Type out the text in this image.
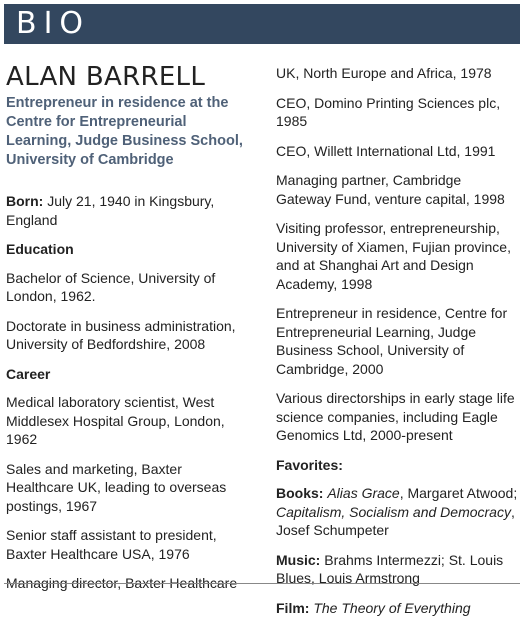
BIO
ALAN BARRELL
Entrepreneur in residence at the Centre for Entrepreneurial Learning, Judge Business School, University of Cambridge

Born: July 21, 1940 in Kingsbury, England

Education

Bachelor of Science, University of London, 1962.

Doctorate in business administration, University of Bedfordshire, 2008

Career

Medical laboratory scientist, West Middlesex Hospital Group, London, 1962

Sales and marketing, Baxter Healthcare UK, leading to overseas postings, 1967

Senior staff assistant to president, Baxter Healthcare USA, 1976

Managing director, Baxter Healthcare

UK, North Europe and Africa, 1978

CEO, Domino Printing Sciences plc, 1985

CEO, Willett International Ltd, 1991

Managing partner, Cambridge Gateway Fund, venture capital, 1998

Visiting professor, entrepreneurship, University of Xiamen, Fujian province, and at Shanghai Art and Design Academy, 1998

Entrepreneur in residence, Centre for Entrepreneurial Learning, Judge Business School, University of Cambridge, 2000

Various directorships in early stage life science companies, including Eagle Genomics Ltd, 2000-present

Favorites:

Books: Alias Grace, Margaret Atwood; Capitalism, Socialism and Democracy, Josef Schumpeter

Music: Brahms Intermezzi; St. Louis Blues, Louis Armstrong

Film: The Theory of Everything
